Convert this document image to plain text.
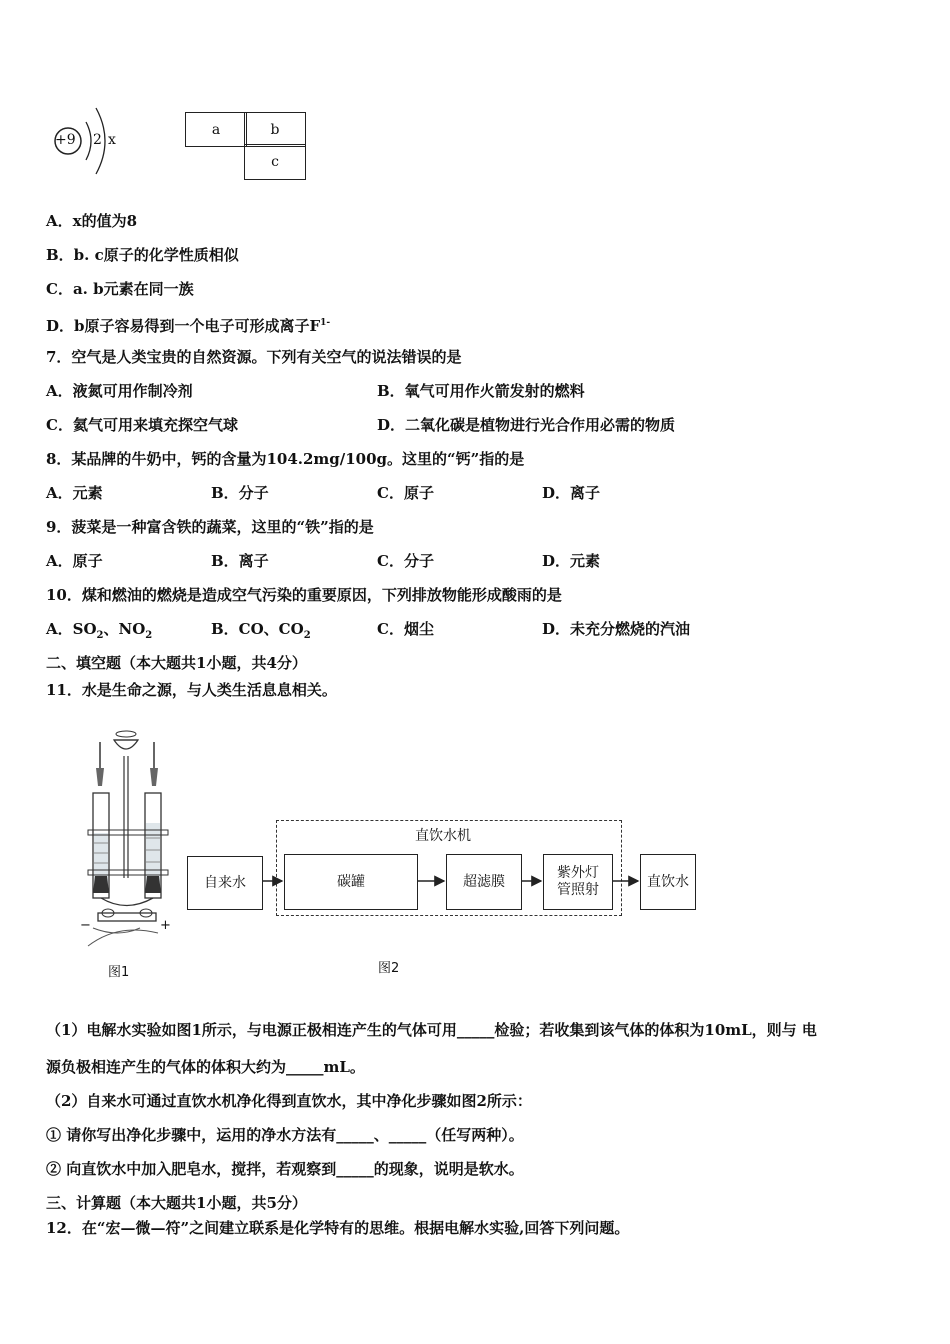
+9 2 x
a	b
c
A．x的值为8
B．b. c原子的化学性质相似
C．a. b元素在同一族
D．b原子容易得到一个电子可形成离子$F^{1-}$
7．空气是人类宝贵的自然资源。下列有关空气的说法错误的是
A．液氮可用作制冷剂	B．氧气可用作火箭发射的燃料
C．氦气可用来填充探空气球	D．二氧化碳是植物进行光合作用必需的物质
8．某品牌的牛奶中，钙的含量为104.2mg/100g。这里的“钙”指的是
A．元素	B．分子	C．原子	D．离子
9．菠菜是一种富含铁的蔬菜，这里的“铁”指的是
A．原子	B．离子	C．分子	D．元素
10．煤和燃油的燃烧是造成空气污染的重要原因，下列排放物能形成酸雨的是
A．$SO_2$、$NO_2$	B．CO、$CO_2$	C．烟尘	D．未充分燃烧的汽油
二、填空题（本大题共1小题，共4分）
11．水是生命之源，与人类生活息息相关。
−	+
图1
直饮水机
自来水	碳罐	超滤膜
紫外灯
管照射
直饮水
图2
（1）电解水实验如图1所示，与电源正极相连产生的气体可用_____检验；若收集到该气体的体积为10mL，则与 电
源负极相连产生的气体的体积大约为_____mL。
（2）自来水可通过直饮水机净化得到直饮水，其中净化步骤如图2所示：
① 请你写出净化步骤中，运用的净水方法有_____、_____（任写两种）。
② 向直饮水中加入肥皂水，搅拌，若观察到_____的现象，说明是软水。
三、计算题（本大题共1小题，共5分）
12．在“宏—微—符”之间建立联系是化学特有的思维。根据电解水实验,回答下列问题。
